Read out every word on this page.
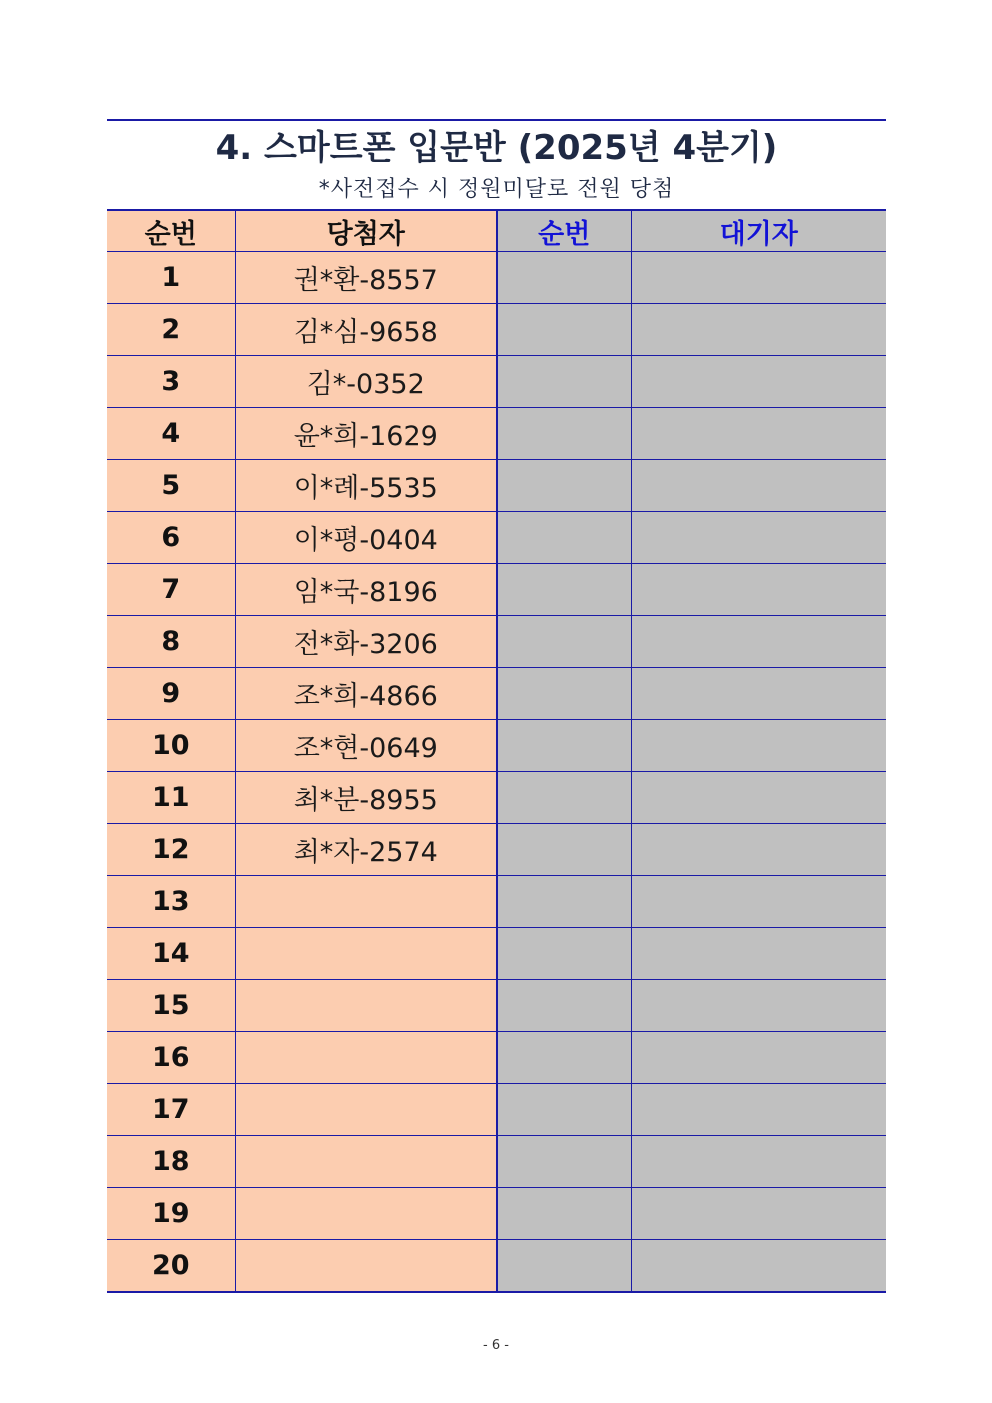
4. 스마트폰 입문반 (2025년 4분기)
*사전접수 시 정원미달로 전원 당첨
순번	당첨자	순번	대기자
1	권*환-8557		
2	김*심-9658		
3	김*-0352		
4	윤*희-1629		
5	이*례-5535		
6	이*평-0404		
7	임*국-8196		
8	전*화-3206		
9	조*희-4866		
10	조*현-0649		
11	최*분-8955		
12	최*자-2574		
13			
14			
15			
16			
17			
18			
19			
20			
- 6 -
